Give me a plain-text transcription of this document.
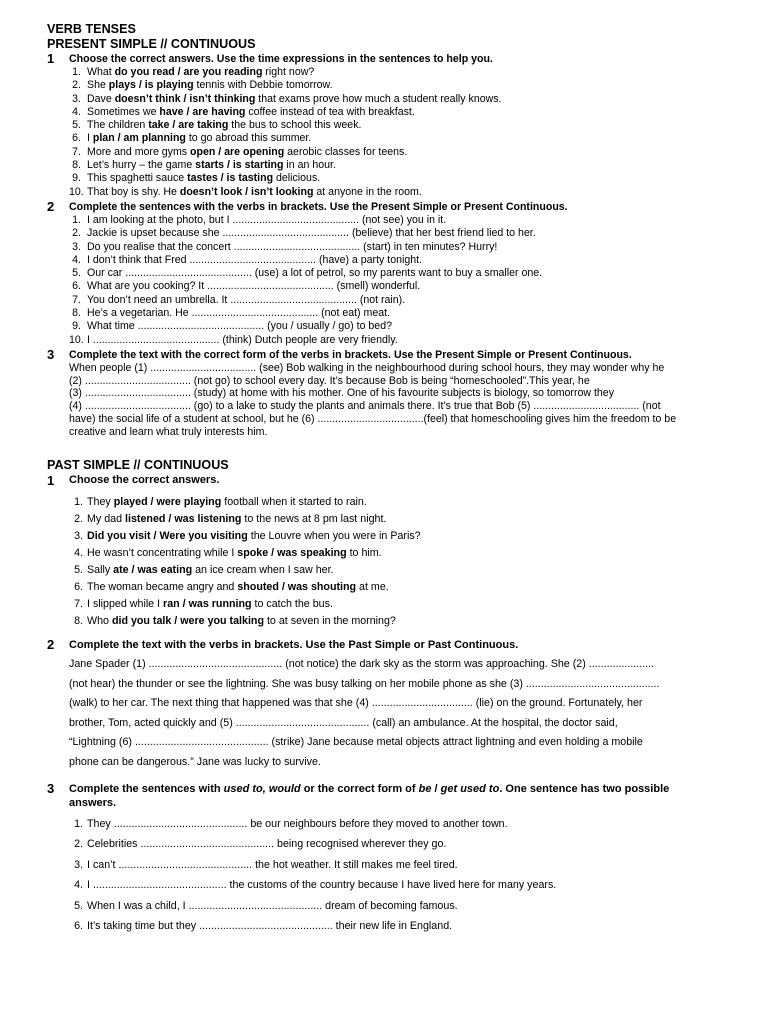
VERB TENSES
PRESENT SIMPLE // CONTINUOUS
1 Choose the correct answers. Use the time expressions in the sentences to help you.
1. What do you read / are you reading right now?
2. She plays / is playing tennis with Debbie tomorrow.
3. Dave doesn’t think / isn’t thinking that exams prove how much a student really knows.
4. Sometimes we have / are having coffee instead of tea with breakfast.
5. The children take / are taking the bus to school this week.
6. I plan / am planning to go abroad this summer.
7. More and more gyms open / are opening aerobic classes for teens.
8. Let’s hurry – the game starts / is starting in an hour.
9. This spaghetti sauce tastes / is tasting delicious.
10. That boy is shy. He doesn’t look / isn’t looking at anyone in the room.
2 Complete the sentences with the verbs in brackets. Use the Present Simple or Present Continuous.
1. I am looking at the photo, but I ........................................... (not see) you in it.
2. Jackie is upset because she ........................................... (believe) that her best friend lied to her.
3. Do you realise that the concert ........................................... (start) in ten minutes? Hurry!
4. I don’t think that Fred ........................................... (have) a party tonight.
5. Our car ........................................... (use) a lot of petrol, so my parents want to buy a smaller one.
6. What are you cooking? It ........................................... (smell) wonderful.
7. You don’t need an umbrella. It ........................................... (not rain).
8. He’s a vegetarian. He ........................................... (not eat) meat.
9. What time ........................................... (you / usually / go) to bed?
10. I ........................................... (think) Dutch people are very friendly.
3 Complete the text with the correct form of the verbs in brackets. Use the Present Simple or Present Continuous.
When people (1) .................................... (see) Bob walking in the neighbourhood during school hours, they may wonder why he
(2) .................................... (not go) to school every day. It’s because Bob is being “homeschooled”.This year, he
(3) .................................... (study) at home with his mother. One of his favourite subjects is biology, so tomorrow they
(4) .................................... (go) to a lake to study the plants and animals there. It’s true that Bob (5) .................................... (not
have) the social life of a student at school, but he (6) ....................................(feel) that homeschooling gives him the freedom to be
creative and learn what truly interests him.
PAST SIMPLE // CONTINUOUS
1 Choose the correct answers.
1. They played / were playing football when it started to rain.
2. My dad listened / was listening to the news at 8 pm last night.
3. Did you visit / Were you visiting the Louvre when you were in Paris?
4. He wasn’t concentrating while I spoke / was speaking to him.
5. Sally ate / was eating an ice cream when I saw her.
6. The woman became angry and shouted / was shouting at me.
7. I slipped while I ran / was running to catch the bus.
8. Who did you talk / were you talking to at seven in the morning?
2 Complete the text with the verbs in brackets. Use the Past Simple or Past Continuous.
Jane Spader (1) ............................................. (not notice) the dark sky as the storm was approaching. She (2) ......................
(not hear) the thunder or see the lightning. She was busy talking on her mobile phone as she (3) .............................................
(walk) to her car. The next thing that happened was that she (4) .................................. (lie) on the ground. Fortunately, her
brother, Tom, acted quickly and (5) ............................................. (call) an ambulance. At the hospital, the doctor said,
“Lightning (6) ............................................. (strike) Jane because metal objects attract lightning and even holding a mobile
phone can be dangerous.” Jane was lucky to survive.
3 Complete the sentences with used to, would or the correct form of be / get used to. One sentence has two possible
answers.
1. They ............................................. be our neighbours before they moved to another town.
2. Celebrities ............................................. being recognised wherever they go.
3. I can’t ............................................. the hot weather. It still makes me feel tired.
4. I ............................................. the customs of the country because I have lived here for many years.
5. When I was a child, I ............................................. dream of becoming famous.
6. It’s taking time but they ............................................. their new life in England.
